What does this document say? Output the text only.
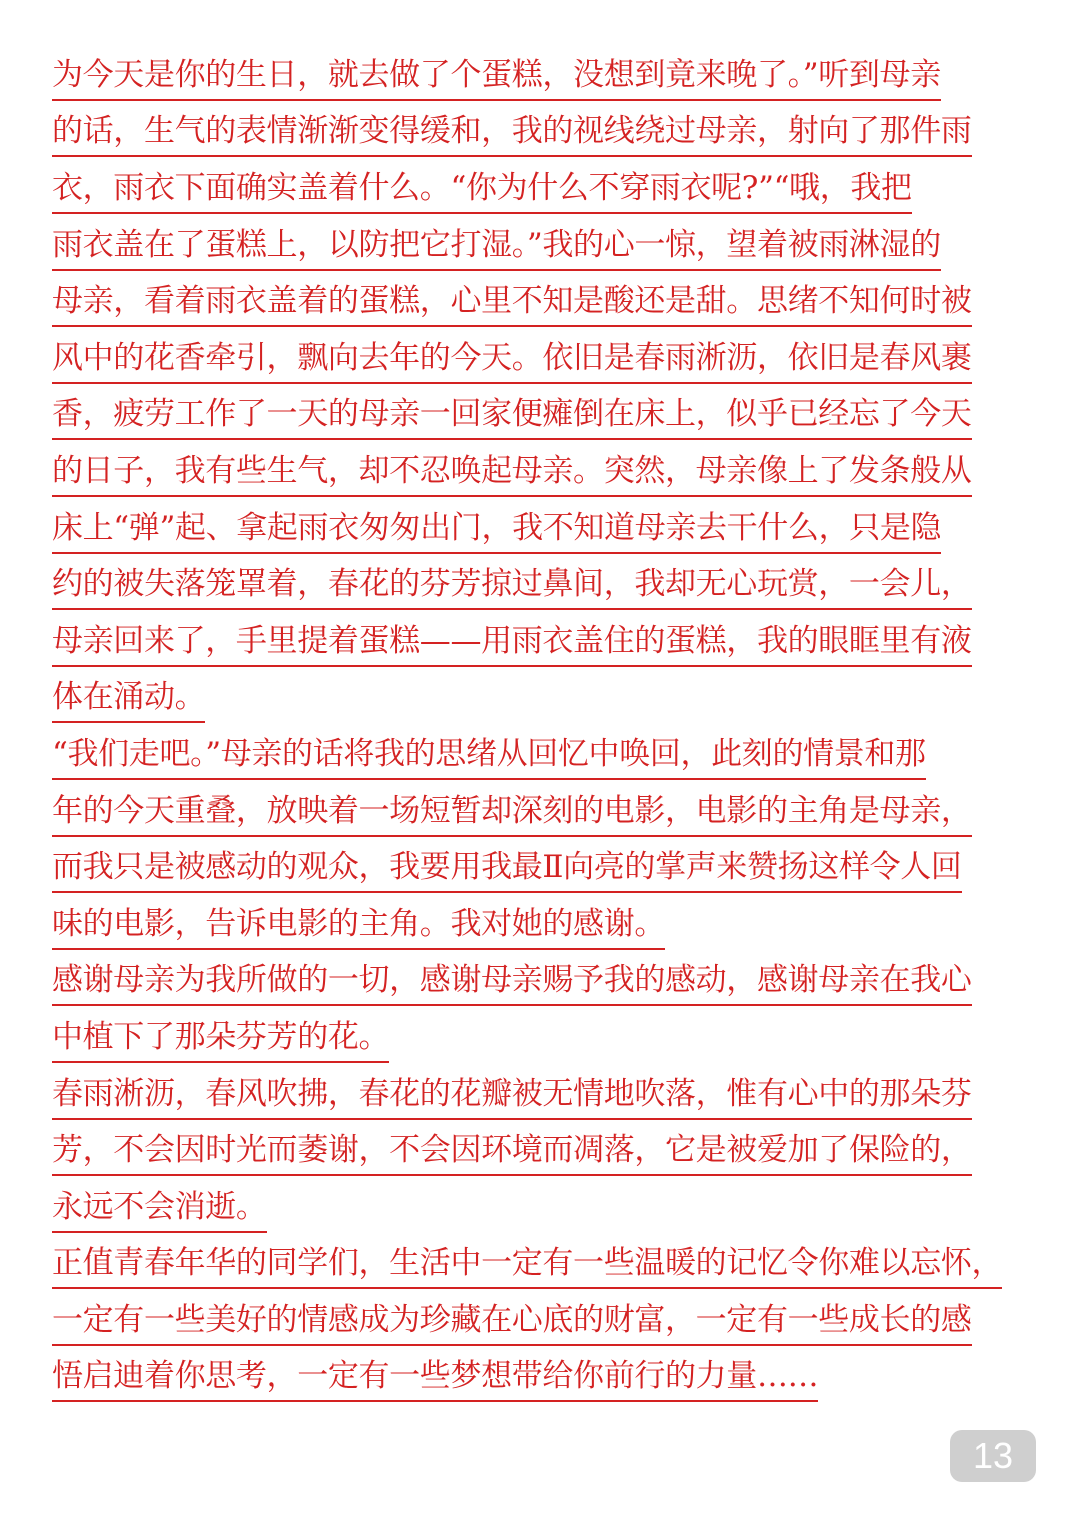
为今天是你的生日，就去做了个蛋糕，没想到竟来晚了。”听到母亲
的话，生气的表情渐渐变得缓和，我的视线绕过母亲，射向了那件雨
衣，雨衣下面确实盖着什么。“你为什么不穿雨衣呢?”“哦，我把
雨衣盖在了蛋糕上，以防把它打湿。”我的心一惊，望着被雨淋湿的
母亲，看着雨衣盖着的蛋糕，心里不知是酸还是甜。思绪不知何时被
风中的花香牵引，飘向去年的今天。依旧是春雨淅沥，依旧是春风裹
香，疲劳工作了一天的母亲一回家便瘫倒在床上，似乎已经忘了今天
的日子，我有些生气，却不忍唤起母亲。突然，母亲像上了发条般从
床上“弹”起、拿起雨衣匆匆出门，我不知道母亲去干什么，只是隐
约的被失落笼罩着，春花的芬芳掠过鼻间，我却无心玩赏，一会儿，
母亲回来了，手里提着蛋糕——用雨衣盖住的蛋糕，我的眼眶里有液
体在涌动。
“我们走吧。”母亲的话将我的思绪从回忆中唤回，此刻的情景和那
年的今天重叠，放映着一场短暂却深刻的电影，电影的主角是母亲，
而我只是被感动的观众，我要用我最Ⅱ向亮的掌声来赞扬这样令人回
味的电影，告诉电影的主角。我对她的感谢。
感谢母亲为我所做的一切，感谢母亲赐予我的感动，感谢母亲在我心
中植下了那朵芬芳的花。
春雨淅沥，春风吹拂，春花的花瓣被无情地吹落，惟有心中的那朵芬
芳，不会因时光而萎谢，不会因环境而凋落，它是被爱加了保险的，
永远不会消逝。
正值青春年华的同学们，生活中一定有一些温暖的记忆令你难以忘怀，
一定有一些美好的情感成为珍藏在心底的财富，一定有一些成长的感
悟启迪着你思考，一定有一些梦想带给你前行的力量……
13
